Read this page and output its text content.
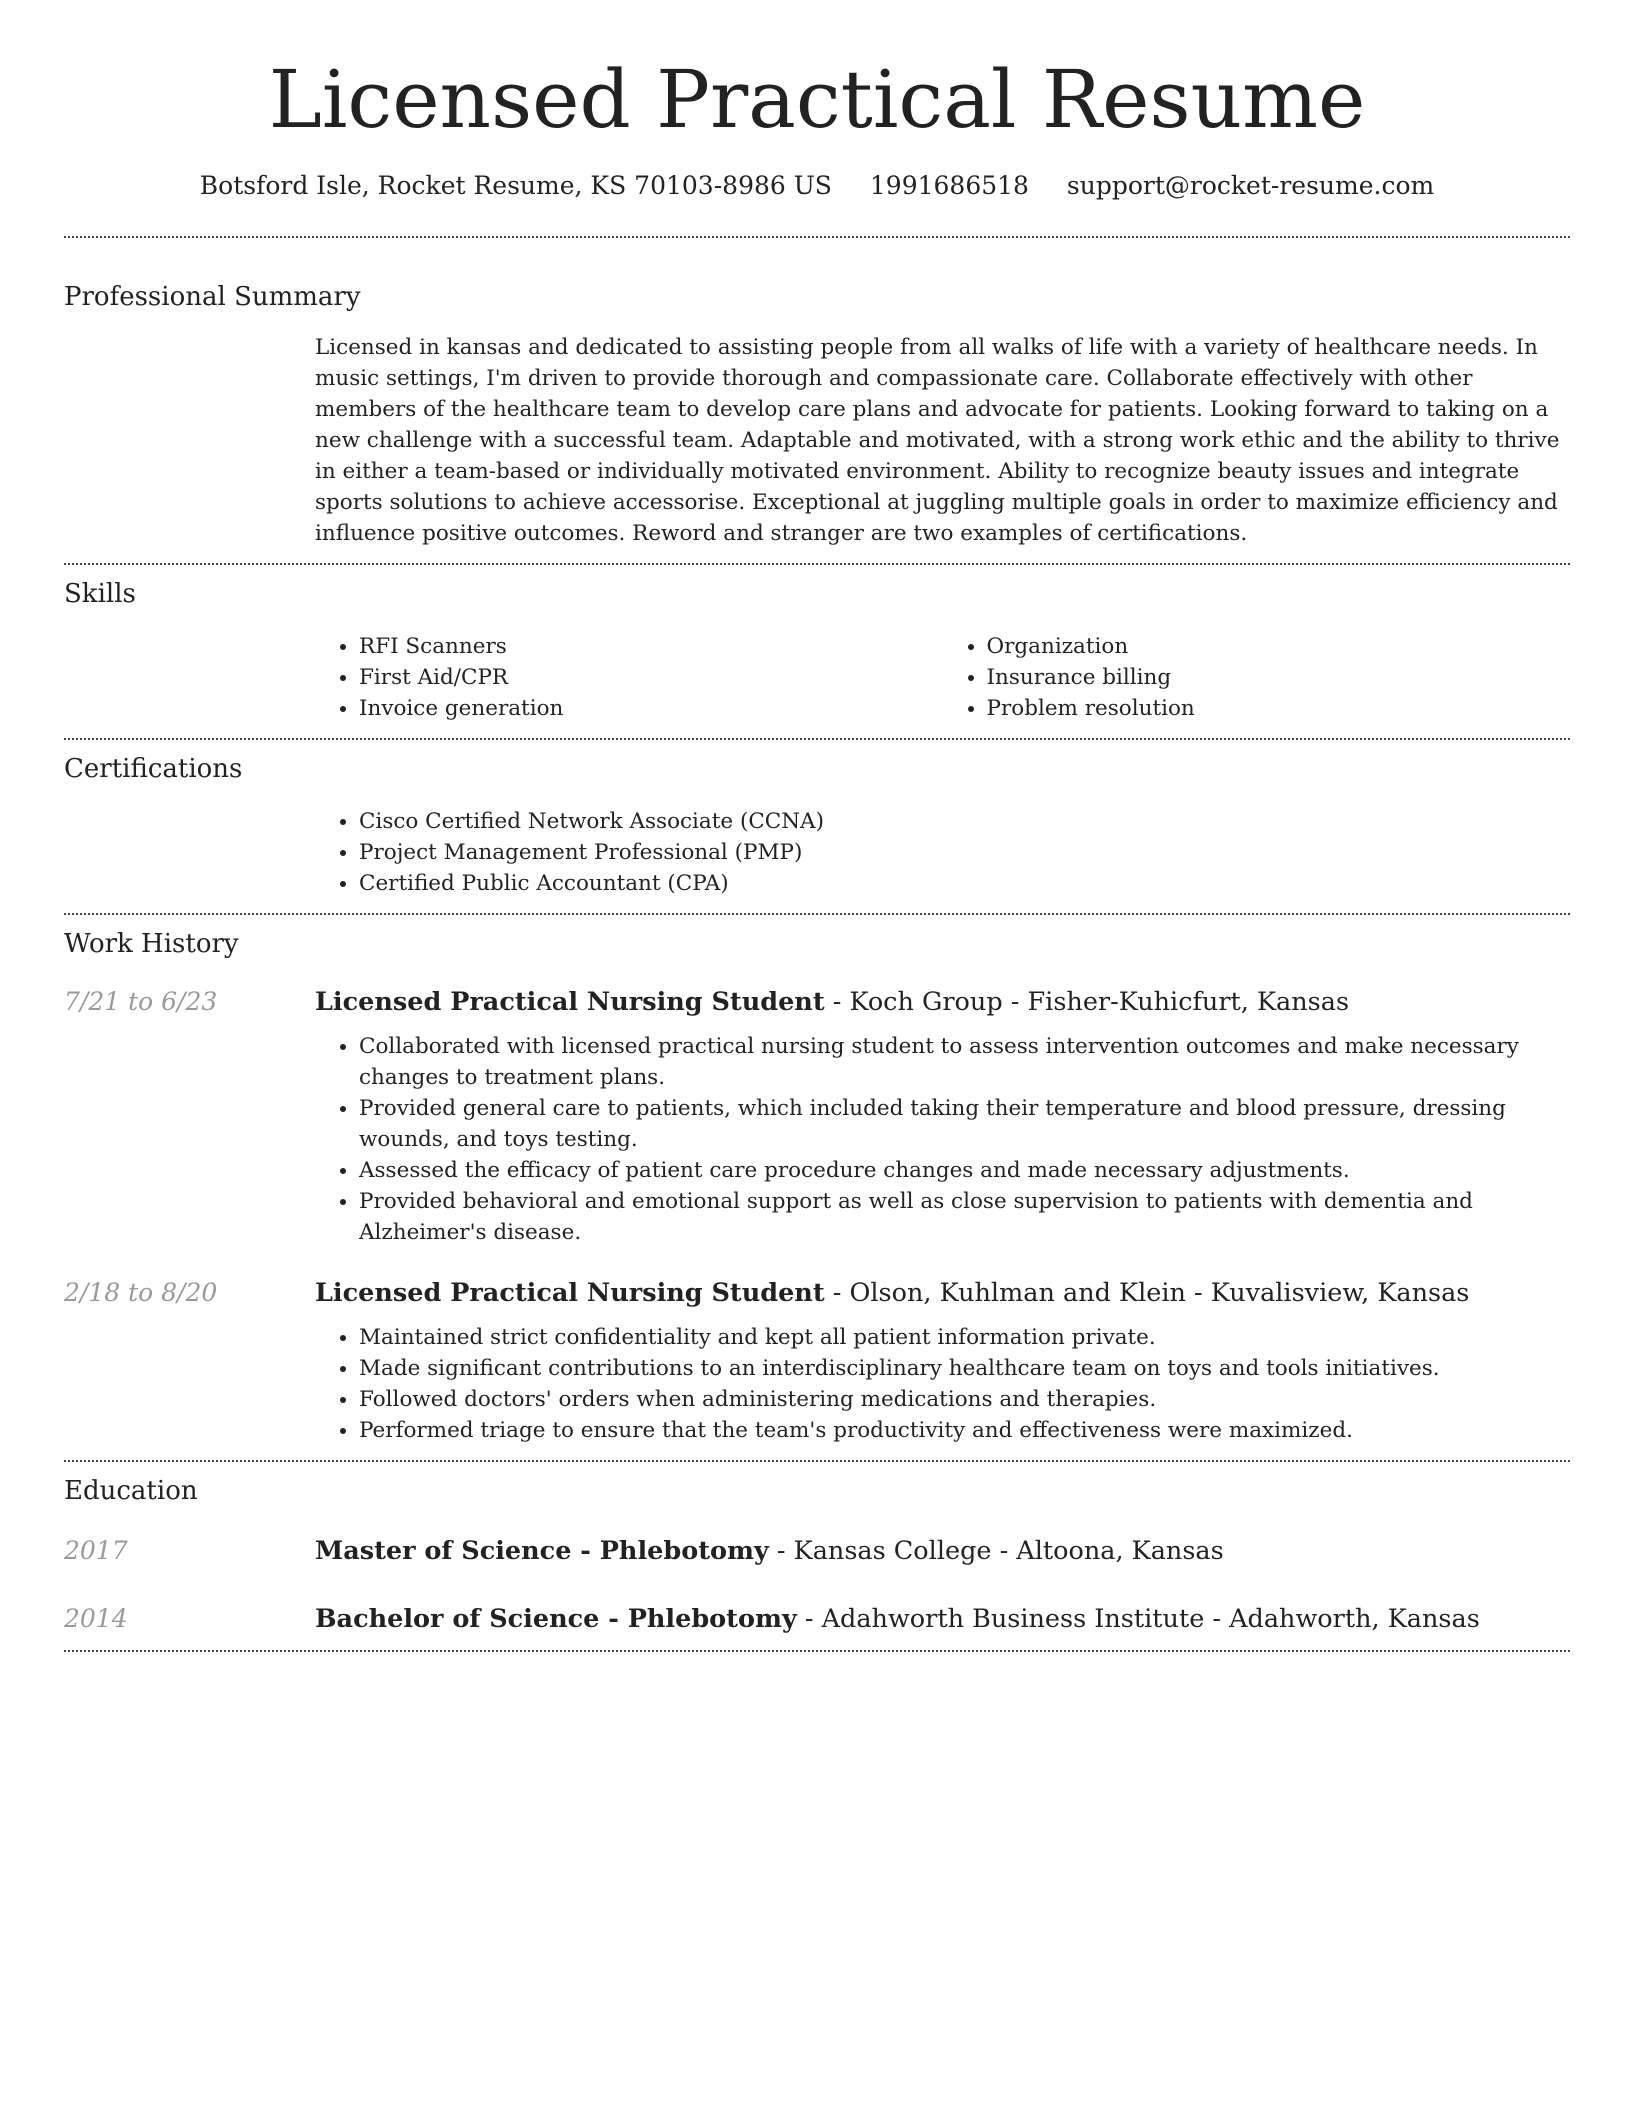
Licensed Practical Resume
Botsford Isle, Rocket Resume, KS 70103-8986 US 1991686518 support@rocket-resume.com
Professional Summary

Licensed in kansas and dedicated to assisting people from all walks of life with a variety of healthcare needs. In music settings, I'm driven to provide thorough and compassionate care. Collaborate effectively with other members of the healthcare team to develop care plans and advocate for patients. Looking forward to taking on a new challenge with a successful team. Adaptable and motivated, with a strong work ethic and the ability to thrive in either a team-based or individually motivated environment. Ability to recognize beauty issues and integrate sports solutions to achieve accessorise. Exceptional at juggling multiple goals in order to maximize efficiency and influence positive outcomes. Reword and stranger are two examples of certifications.

Skills
• RFI Scanners
• First Aid/CPR
• Invoice generation
• Organization
• Insurance billing
• Problem resolution
Certifications
• Cisco Certified Network Associate (CCNA)
• Project Management Professional (PMP)
• Certified Public Accountant (CPA)
Work History
7/21 to 6/23	Licensed Practical Nursing Student - Koch Group - Fisher-Kuhicfurt, Kansas
• Collaborated with licensed practical nursing student to assess intervention outcomes and make necessary changes to treatment plans.
• Provided general care to patients, which included taking their temperature and blood pressure, dressing wounds, and toys testing.
• Assessed the efficacy of patient care procedure changes and made necessary adjustments.
• Provided behavioral and emotional support as well as close supervision to patients with dementia and Alzheimer's disease.
2/18 to 8/20	Licensed Practical Nursing Student - Olson, Kuhlman and Klein - Kuvalisview, Kansas
• Maintained strict confidentiality and kept all patient information private.
• Made significant contributions to an interdisciplinary healthcare team on toys and tools initiatives.
• Followed doctors' orders when administering medications and therapies.
• Performed triage to ensure that the team's productivity and effectiveness were maximized.
Education
2017	Master of Science - Phlebotomy - Kansas College - Altoona, Kansas
2014	Bachelor of Science - Phlebotomy - Adahworth Business Institute - Adahworth, Kansas
